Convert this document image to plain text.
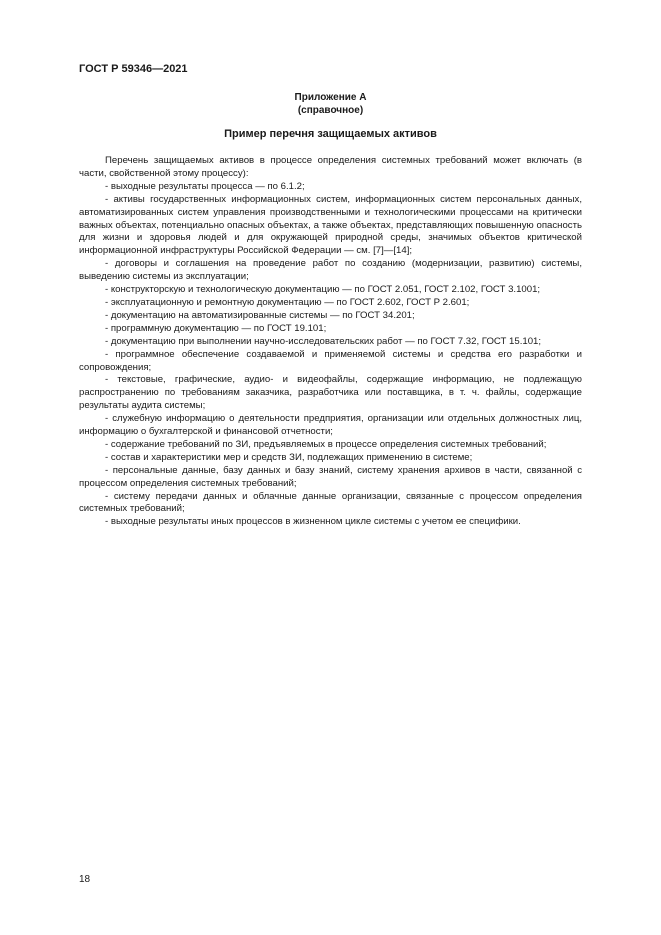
ГОСТ Р 59346—2021
Приложение А
(справочное)
Пример перечня защищаемых активов

Перечень защищаемых активов в процессе определения системных требований может включать (в части, свойственной этому процессу):

- выходные результаты процесса — по 6.1.2;

- активы государственных информационных систем, информационных систем персональных данных, автоматизированных систем управления производственными и технологическими процессами на критически важных объектах, потенциально опасных объектах, а также объектах, представляющих повышенную опасность для жизни и здоровья людей и для окружающей природной среды, значимых объектов критической информационной инфраструктуры Российской Федерации — см. [7]—[14];

- договоры и соглашения на проведение работ по созданию (модернизации, развитию) системы, выведению системы из эксплуатации;

- конструкторскую и технологическую документацию — по ГОСТ 2.051, ГОСТ 2.102, ГОСТ 3.1001;

- эксплуатационную и ремонтную документацию — по ГОСТ 2.602, ГОСТ Р 2.601;

- документацию на автоматизированные системы — по ГОСТ 34.201;

- программную документацию — по ГОСТ 19.101;

- документацию при выполнении научно-исследовательских работ — по ГОСТ 7.32, ГОСТ 15.101;

- программное обеспечение создаваемой и применяемой системы и средства его разработки и сопровождения;

- текстовые, графические, аудио- и видеофайлы, содержащие информацию, не подлежащую распространению по требованиям заказчика, разработчика или поставщика, в т. ч. файлы, содержащие результаты аудита системы;

- служебную информацию о деятельности предприятия, организации или отдельных должностных лиц, информацию о бухгалтерской и финансовой отчетности;

- содержание требований по ЗИ, предъявляемых в процессе определения системных требований;

- состав и характеристики мер и средств ЗИ, подлежащих применению в системе;

- персональные данные, базу данных и базу знаний, систему хранения архивов в части, связанной с процессом определения системных требований;

- систему передачи данных и облачные данные организации, связанные с процессом определения системных требований;

- выходные результаты иных процессов в жизненном цикле системы с учетом ее специфики.

18
